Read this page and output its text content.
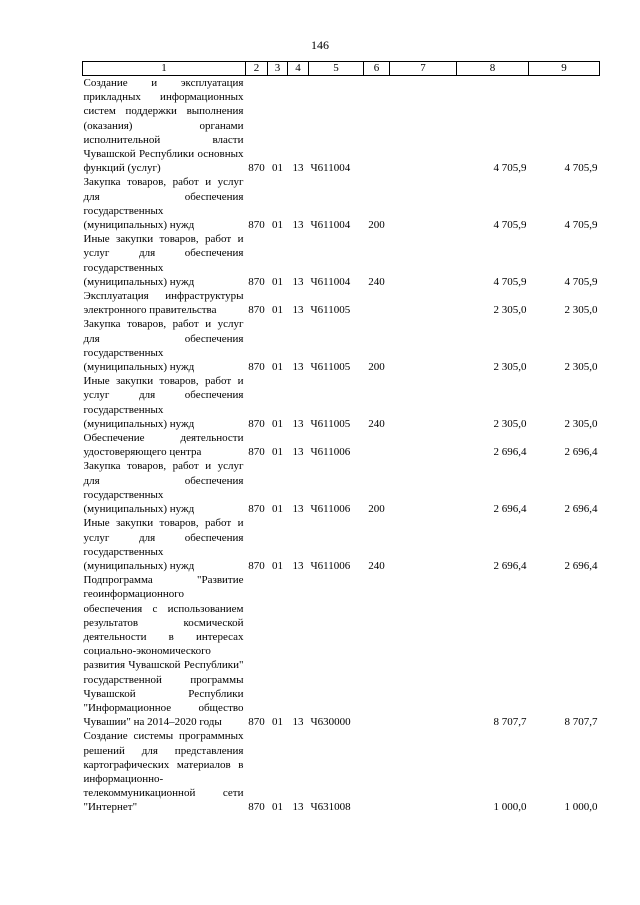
146
1	2	3	4	5	6	7	8	9
Создание и эксплуатация прикладных информационных систем поддержки выполнения (оказания) органами исполнительной власти Чувашской Республики основных функций (услуг)	870	01	13	Ч611004			4 705,9	4 705,9
Закупка товаров, работ и услуг для обеспечения государственных (муниципальных) нужд	870	01	13	Ч611004	200		4 705,9	4 705,9
Иные закупки товаров, работ и услуг для обеспечения государственных (муниципальных) нужд	870	01	13	Ч611004	240		4 705,9	4 705,9
Эксплуатация инфраструктуры электронного правительства	870	01	13	Ч611005			2 305,0	2 305,0
Закупка товаров, работ и услуг для обеспечения государственных (муниципальных) нужд	870	01	13	Ч611005	200		2 305,0	2 305,0
Иные закупки товаров, работ и услуг для обеспечения государственных (муниципальных) нужд	870	01	13	Ч611005	240		2 305,0	2 305,0
Обеспечение деятельности удостоверяющего центра	870	01	13	Ч611006			2 696,4	2 696,4
Закупка товаров, работ и услуг для обеспечения государственных (муниципальных) нужд	870	01	13	Ч611006	200		2 696,4	2 696,4
Иные закупки товаров, работ и услуг для обеспечения государственных (муниципальных) нужд	870	01	13	Ч611006	240		2 696,4	2 696,4
Подпрограмма "Развитие геоинформационного обеспечения с использованием результатов космической деятельности в интересах социально-экономического развития Чувашской Республики" государственной программы Чувашской Республики "Информационное общество Чувашии" на 2014–2020 годы	870	01	13	Ч630000			8 707,7	8 707,7
Создание системы программных решений для представления картографических материалов в информационно-телекоммуникационной сети "Интернет"	870	01	13	Ч631008			1 000,0	1 000,0
